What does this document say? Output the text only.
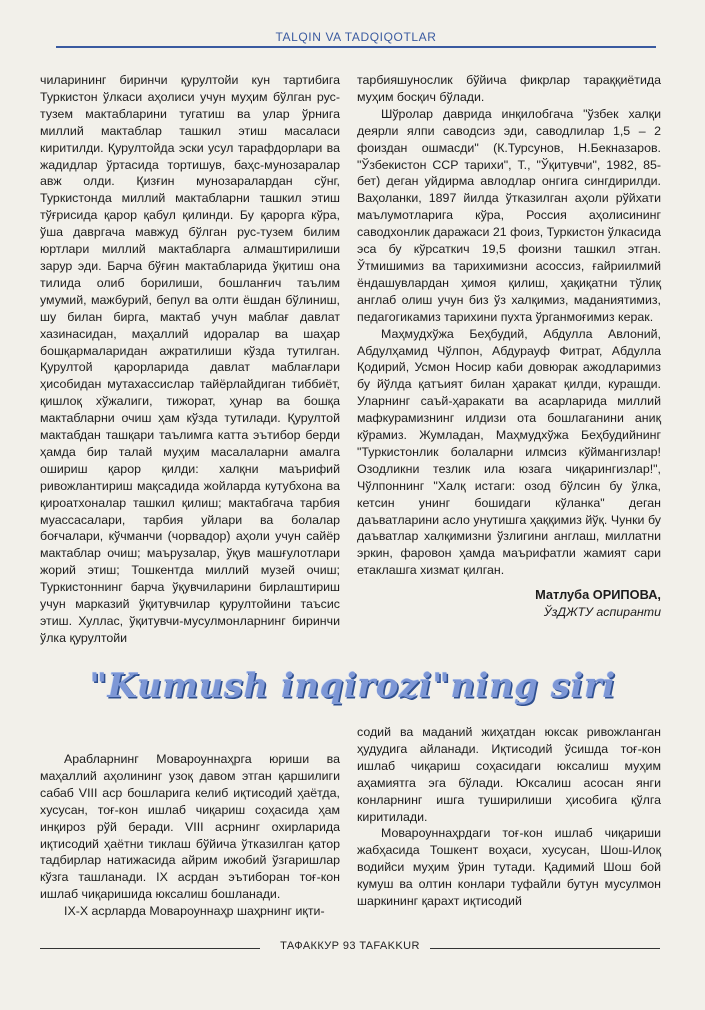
TALQIN VA TADQIQOTLAR

чиларининг биринчи қурултойи кун тартибига Туркистон ўлкаси аҳолиси учун муҳим бўлган рус-тузем мактабларини тугатиш ва улар ўрнига миллий мактаблар ташкил этиш масаласи киритилди. Қурултойда эски усул тарафдорлари ва жадидлар ўртасида тортишув, баҳс-мунозаралар авж олди. Қизғин мунозаралардан сўнг, Туркистонда миллий мактабларни ташкил этиш тўғрисида қарор қабул қилинди. Бу қарорга кўра, ўша давргача мавжуд бўлган рус-тузем билим юртлари миллий мактабларга алмаштирилиши зарур эди. Барча бўғин мактабларида ўқитиш она тилида олиб борилиши, бошланғич таълим умумий, мажбурий, бепул ва олти ёшдан бўлиниш, шу билан бирга, мактаб учун маблағ давлат хазинасидан, маҳаллий идоралар ва шаҳар бошқармаларидан ажратилиши кўзда тутилган. Қурултой қарорларида давлат маблағлари ҳисобидан мутахассислар тайёрлайдиган тиббиёт, қишлоқ хўжалиги, тижорат, ҳунар ва бошқа мактабларни очиш ҳам кўзда тутилади. Қурултой мактабдан ташқари таълимга катта эътибор берди ҳамда бир талай муҳим масалаларни амалга ошириш қарор қилди: халқни маърифий ривожлантириш мақсадида жойларда кутубхона ва қироатхоналар ташкил қилиш; мактабгача тарбия муассасалари, тарбия уйлари ва болалар боғчалари, кўчманчи (чорвадор) аҳоли учун сайёр мактаблар очиш; маърузалар, ўқув машғулотлари жорий этиш; Тошкентда миллий музей очиш; Туркистоннинг барча ўқувчиларини бирлаштириш учун марказий ўқитувчилар қурултойини таъсис этиш. Хуллас, ўқитувчи-мусулмонларнинг биринчи ўлка қурултойи

тарбияшунослик бўйича фикрлар тараққиётида муҳим босқич бўлади.

Шўролар даврида инқилобгача "ўзбек халқи деярли ялпи саводсиз эди, саводлилар 1,5 – 2 фоиздан ошмасди" (К.Турсунов, Н.Бекназаров. "Ўзбекистон ССР тарихи", Т., "Ўқитувчи", 1982, 85-бет) деган уйдирма авлодлар онгига сингдирилди. Ваҳоланки, 1897 йилда ўтказилган аҳоли рўйхати маълумотларига кўра, Россия аҳолисининг саводхонлик даражаси 21 фоиз, Туркистон ўлкасида эса бу кўрсаткич 19,5 фоизни ташкил этган. Ўтмишимиз ва тарихимизни асоссиз, ғайриилмий ёндашувлардан ҳимоя қилиш, ҳақиқатни тўлиқ англаб олиш учун биз ўз халқимиз, маданиятимиз, педагогикамиз тарихини пухта ўрганмоғимиз керак.

Маҳмудхўжа Беҳбудий, Абдулла Авлоний, Абдулҳамид Чўлпон, Абдурауф Фитрат, Абдулла Қодирий, Усмон Носир каби довюрак ажодларимиз бу йўлда қатъият билан ҳаракат қилди, курашди. Уларнинг саъй-ҳаракати ва асарларида миллий мафкурамизнинг илдизи ота бошлаганини аниқ кўрамиз. Жумладан, Маҳмудхўжа Беҳбудийнинг "Туркистонлик болаларни илмсиз кўймангизлар! Озодликни тезлик ила юзага чиқарингизлар!", Чўлпоннинг "Халқ истаги: озод бўлсин бу ўлка, кетсин унинг бошидаги кўланка" деган даъватларини асло унутишга ҳаққимиз йўқ. Чунки бу даъватлар халқимизни ўзлигини англаш, миллатни эркин, фаровон ҳамда маърифатли жамият сари етаклашга хизмат қилган.

Матлуба ОРИПОВА,
ЎзДЖТУ аспиранти
"Kumush inqirozi"ning siri

Арабларнинг Мовароуннаҳрга юриши ва маҳаллий аҳолининг узоқ давом этган қаршилиги сабаб VIII аср бошларига келиб иқтисодий ҳаётда, хусусан, тоғ-кон ишлаб чиқариш соҳасида ҳам инқироз рўй беради. VIII асрнинг охирларида иқтисодий ҳаётни тиклаш бўйича ўтказилган қатор тадбирлар натижасида айрим ижобий ўзгаришлар кўзга ташланади. IX асрдан эътиборан тоғ-кон ишлаб чиқаришида юксалиш бошланади.

IX-X асрларда Мовароуннаҳр шаҳрнинг иқти-

содий ва маданий жиҳатдан юксак ривожланган ҳудудига айланади. Иқтисодий ўсишда тоғ-кон ишлаб чиқариш соҳасидаги юксалиш муҳим аҳамиятга эга бўлади. Юксалиш асосан янги конларнинг ишга туширилиши ҳисобига қўлга киритилади.

Мовароуннаҳрдаги тоғ-кон ишлаб чиқариши жабҳасида Тошкент воҳаси, хусусан, Шош-Илоқ водийси муҳим ўрин тутади. Қадимий Шош бой кумуш ва олтин конлари туфайли бутун мусулмон шаркининг қарахт иқтисодий

ТАФАККУР 93 TAFAKKUR
